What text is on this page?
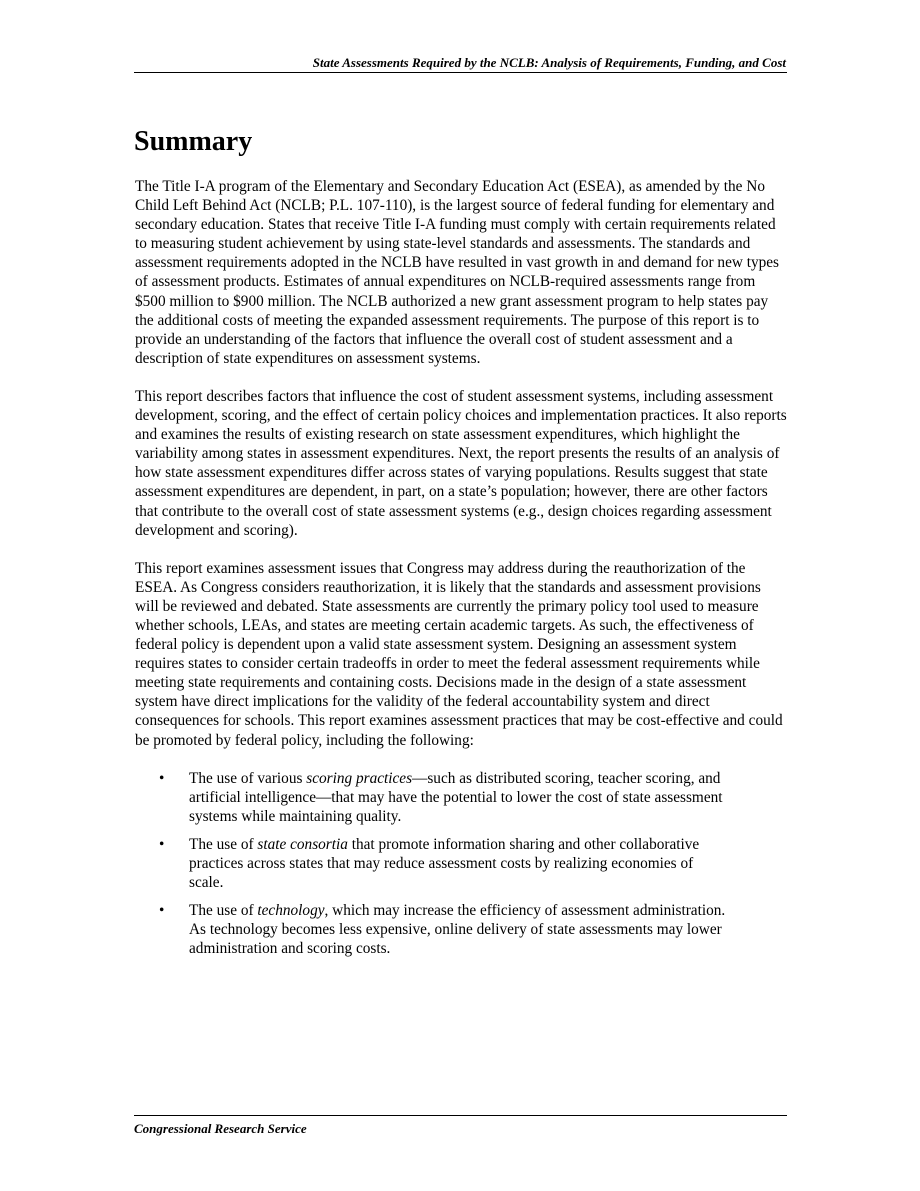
State Assessments Required by the NCLB: Analysis of Requirements, Funding, and Cost
Summary

The Title I-A program of the Elementary and Secondary Education Act (ESEA), as amended by the No Child Left Behind Act (NCLB; P.L. 107-110), is the largest source of federal funding for elementary and secondary education. States that receive Title I-A funding must comply with certain requirements related to measuring student achievement by using state-level standards and assessments. The standards and assessment requirements adopted in the NCLB have resulted in vast growth in and demand for new types of assessment products. Estimates of annual expenditures on NCLB-required assessments range from $500 million to $900 million. The NCLB authorized a new grant assessment program to help states pay the additional costs of meeting the expanded assessment requirements. The purpose of this report is to provide an understanding of the factors that influence the overall cost of student assessment and a description of state expenditures on assessment systems.

This report describes factors that influence the cost of student assessment systems, including assessment development, scoring, and the effect of certain policy choices and implementation practices. It also reports and examines the results of existing research on state assessment expenditures, which highlight the variability among states in assessment expenditures. Next, the report presents the results of an analysis of how state assessment expenditures differ across states of varying populations. Results suggest that state assessment expenditures are dependent, in part, on a state’s population; however, there are other factors that contribute to the overall cost of state assessment systems (e.g., design choices regarding assessment development and scoring).

This report examines assessment issues that Congress may address during the reauthorization of the ESEA. As Congress considers reauthorization, it is likely that the standards and assessment provisions will be reviewed and debated. State assessments are currently the primary policy tool used to measure whether schools, LEAs, and states are meeting certain academic targets. As such, the effectiveness of federal policy is dependent upon a valid state assessment system. Designing an assessment system requires states to consider certain tradeoffs in order to meet the federal assessment requirements while meeting state requirements and containing costs. Decisions made in the design of a state assessment system have direct implications for the validity of the federal accountability system and direct consequences for schools. This report examines assessment practices that may be cost-effective and could be promoted by federal policy, including the following:

• The use of various scoring practices—such as distributed scoring, teacher scoring, and artificial intelligence—that may have the potential to lower the cost of state assessment systems while maintaining quality.
• The use of state consortia that promote information sharing and other collaborative practices across states that may reduce assessment costs by realizing economies of scale.
• The use of technology, which may increase the efficiency of assessment administration. As technology becomes less expensive, online delivery of state assessments may lower administration and scoring costs.
Congressional Research Service
